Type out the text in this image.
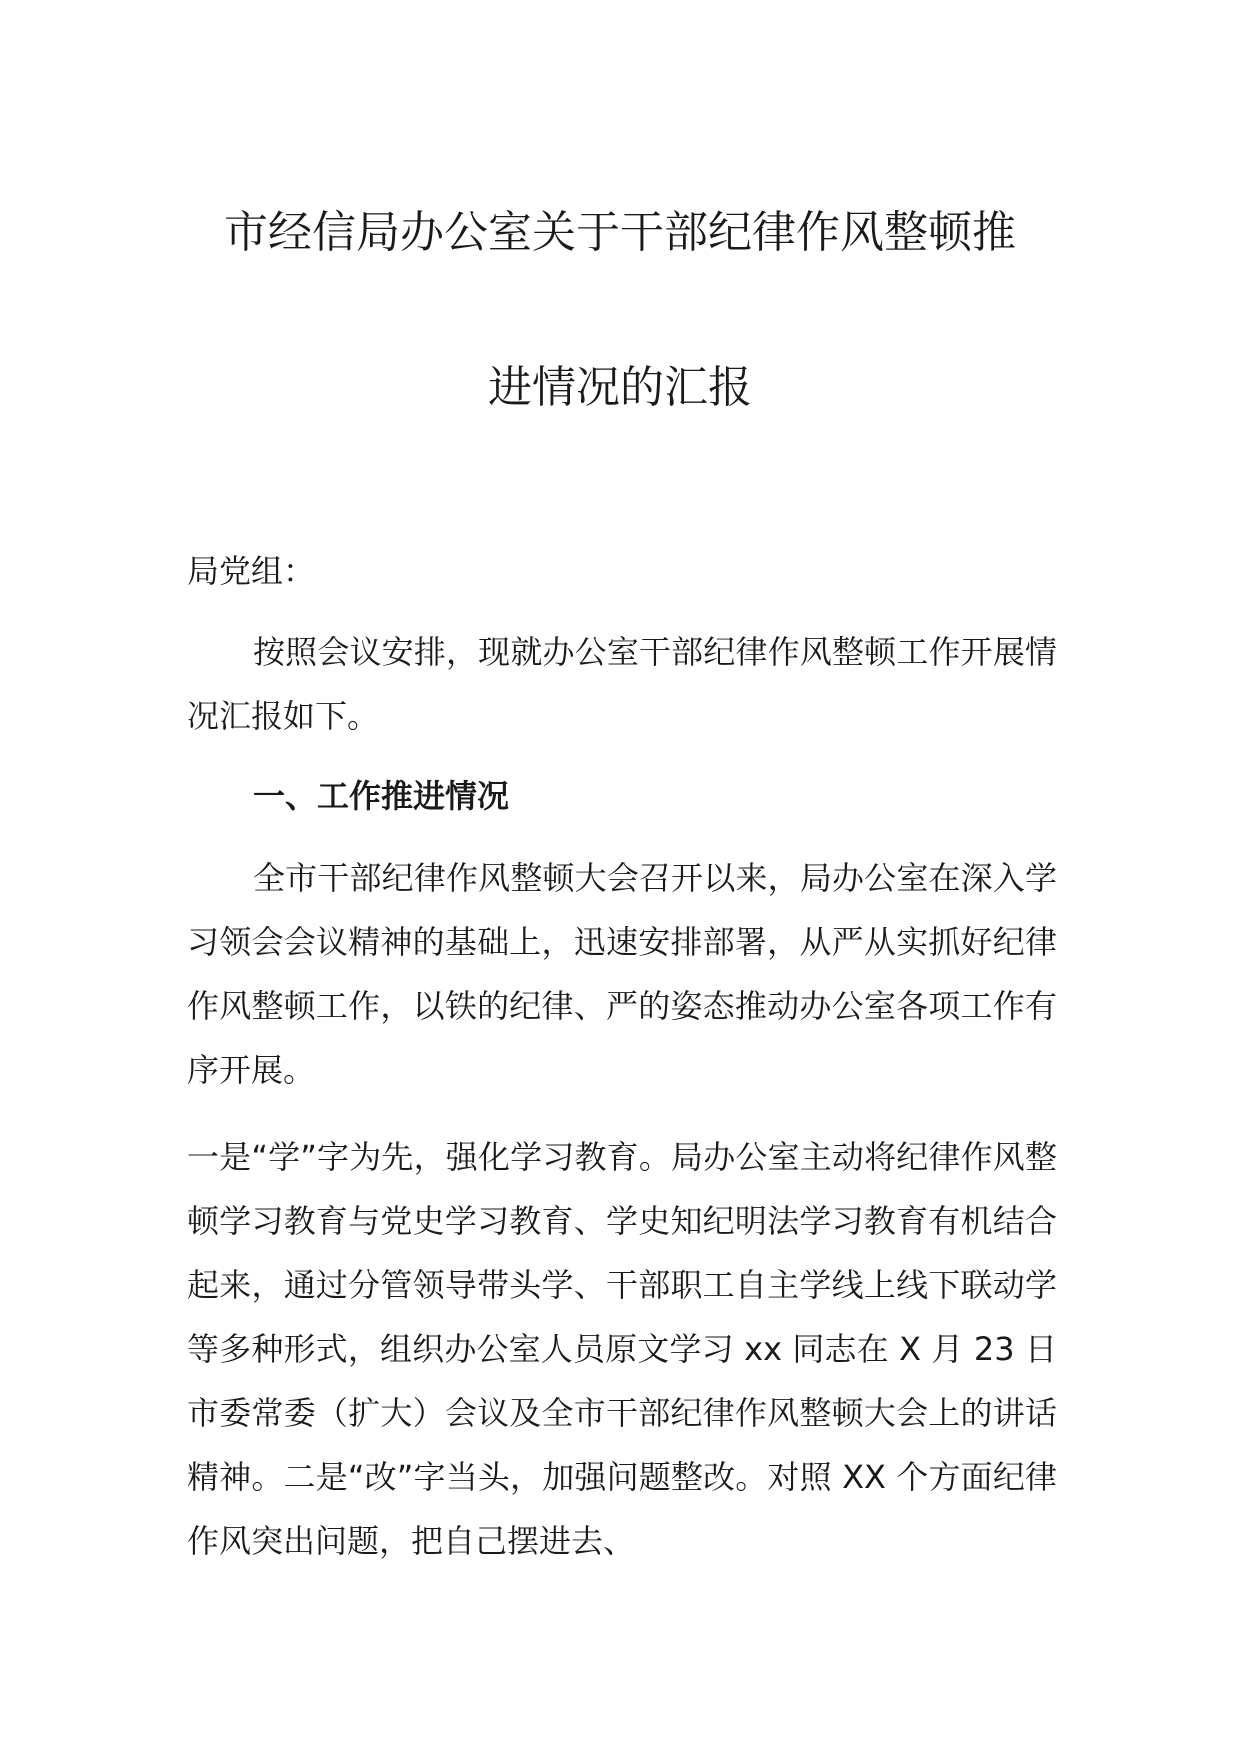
市经信局办公室关于干部纪律作风整顿推
进情况的汇报
局党组：

按照会议安排，现就办公室干部纪律作风整顿工作开展情况汇报如下。

一、工作推进情况

全市干部纪律作风整顿大会召开以来，局办公室在深入学习领会会议精神的基础上，迅速安排部署，从严从实抓好纪律作风整顿工作，以铁的纪律、严的姿态推动办公室各项工作有序开展。

一是“学”字为先，强化学习教育。局办公室主动将纪律作风整顿学习教育与党史学习教育、学史知纪明法学习教育有机结合起来，通过分管领导带头学、干部职工自主学线上线下联动学等多种形式，组织办公室人员原文学习 xx 同志在 X 月 23 日市委常委（扩大）会议及全市干部纪律作风整顿大会上的讲话精神。二是“改”字当头，加强问题整改。对照 XX 个方面纪律作风突出问题，把自己摆进去、
